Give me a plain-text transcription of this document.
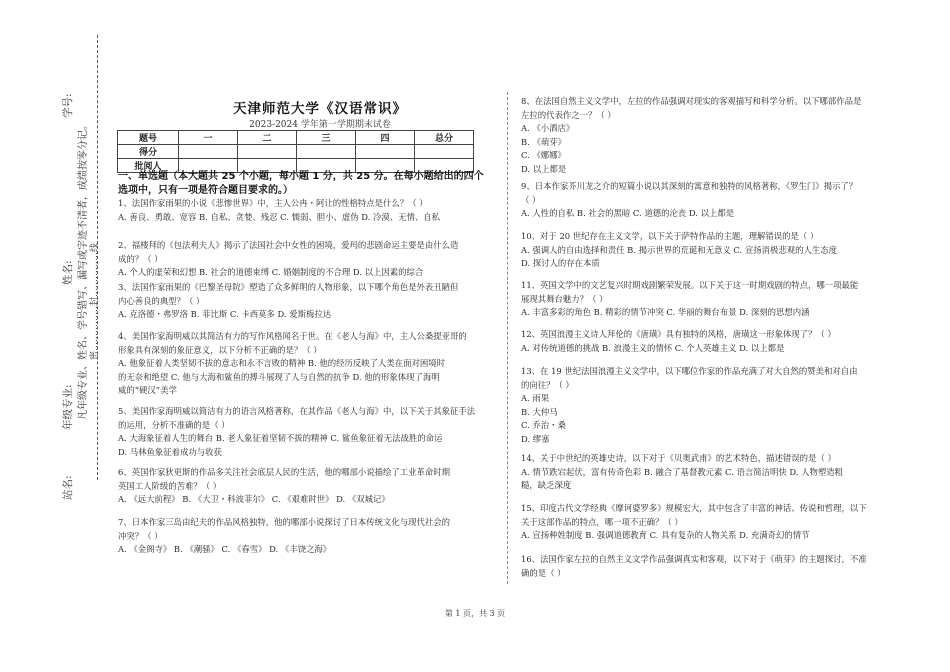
站名:
年级专业:
姓名:
学号:
凡年级专业、姓名、学号错写、漏写或字迹不清者，成绩按零分记。 密……………封……………线
天津师范大学《汉语常识》
2023-2024 学年第一学期期末试卷
题号	一	二	三	四	总分
得分					
批阅人					
一、单选题（本大题共 25 个小题，每小题 1 分，共 25 分。在每小题给出的四个
选项中，只有一项是符合题目要求的。）
1、法国作家雨果的小说《悲惨世界》中，主人公冉・阿让的性格特点是什么？（ ）
A. 善良、勇敢、宽容 B. 自私、贪婪、残忍 C. 懦弱、胆小、虚伪 D. 冷漠、无情、自私
2、福楼拜的《包法利夫人》揭示了法国社会中女性的困境，爱玛的悲剧命运主要是由什么造
成的？（ ）
A. 个人的虚荣和幻想 B. 社会的道德束缚 C. 婚姻制度的不合理 D. 以上因素的综合
3、法国作家雨果的《巴黎圣母院》塑造了众多鲜明的人物形象，以下哪个角色是外表丑陋但
内心善良的典型？（ ）
A. 克洛德・弗罗洛 B. 菲比斯 C. 卡西莫多 D. 爱斯梅拉达
4、美国作家海明威以其简洁有力的写作风格闻名于世。在《老人与海》中，主人公桑提亚哥的
形象具有深刻的象征意义，以下分析不正确的是？（ ）
A. 他象征着人类坚韧不拔的意志和永不言败的精神 B. 他的经历反映了人类在面对困境时
的无奈和绝望 C. 他与大海和鲨鱼的搏斗展现了人与自然的抗争 D. 他的形象体现了海明
威的“硬汉”美学
5、美国作家海明威以简洁有力的语言风格著称，在其作品《老人与海》中，以下关于其象征手法
的运用，分析不准确的是（ ）
A. 大海象征着人生的舞台 B. 老人象征着坚韧不拔的精神 C. 鲨鱼象征着无法战胜的命运
D. 马林鱼象征着成功与收获
6、英国作家狄更斯的作品多关注社会底层人民的生活，他的哪部小说描绘了工业革命时期
英国工人阶级的苦难？（ ）
A. 《远大前程》 B. 《大卫・科波菲尔》 C. 《艰难时世》 D. 《双城记》
7、日本作家三岛由纪夫的作品风格独特，他的哪部小说探讨了日本传统文化与现代社会的
冲突？（ ）
A. 《金阁寺》 B. 《潮骚》 C. 《春雪》 D. 《丰饶之海》
8、在法国自然主义文学中，左拉的作品强调对现实的客观描写和科学分析。以下哪部作品是
左拉的代表作之一？（ ）
A. 《小酒店》
B. 《萌芽》
C. 《娜娜》
D. 以上都是
9、日本作家芥川龙之介的短篇小说以其深刻的寓意和独特的风格著称，《罗生门》揭示了？
（ ）
A. 人性的自私 B. 社会的黑暗 C. 道德的沦丧 D. 以上都是
10、对于 20 世纪存在主义文学，以下关于萨特作品的主题，理解错误的是（ ）
A. 强调人的自由选择和责任 B. 揭示世界的荒诞和无意义 C. 宣扬消极悲观的人生态度
D. 探讨人的存在本质
11、英国文学中的文艺复兴时期戏剧繁荣发展。以下关于这一时期戏剧的特点，哪一项最能
展现其舞台魅力？（ ）
A. 丰富多彩的角色 B. 精彩的情节冲突 C. 华丽的舞台布景 D. 深刻的思想内涵
12、英国浪漫主义诗人拜伦的《唐璜》具有独特的风格，唐璜这一形象体现了？（ ）
A. 对传统道德的挑战 B. 浪漫主义的情怀 C. 个人英雄主义 D. 以上都是
13、在 19 世纪法国浪漫主义文学中，以下哪位作家的作品充满了对大自然的赞美和对自由
的向往？（ ）
A. 雨果
B. 大仲马
C. 乔治・桑
D. 缪塞
14、关于中世纪的英雄史诗，以下对于《贝奥武甫》的艺术特色，描述错误的是（ ）
A. 情节跌宕起伏，富有传奇色彩 B. 融合了基督教元素 C. 语言简洁明快 D. 人物塑造粗
糙，缺乏深度
15、印度古代文学经典《摩诃婆罗多》规模宏大，其中包含了丰富的神话、传说和哲理，以下
关于这部作品的特点，哪一项不正确？（ ）
A. 宣扬种姓制度 B. 强调道德教育 C. 具有复杂的人物关系 D. 充满奇幻的情节
16、法国作家左拉的自然主义文学作品强调真实和客观，以下对于《萌芽》的主题探讨，不准
确的是（ ）
第 1 页，共 3 页
